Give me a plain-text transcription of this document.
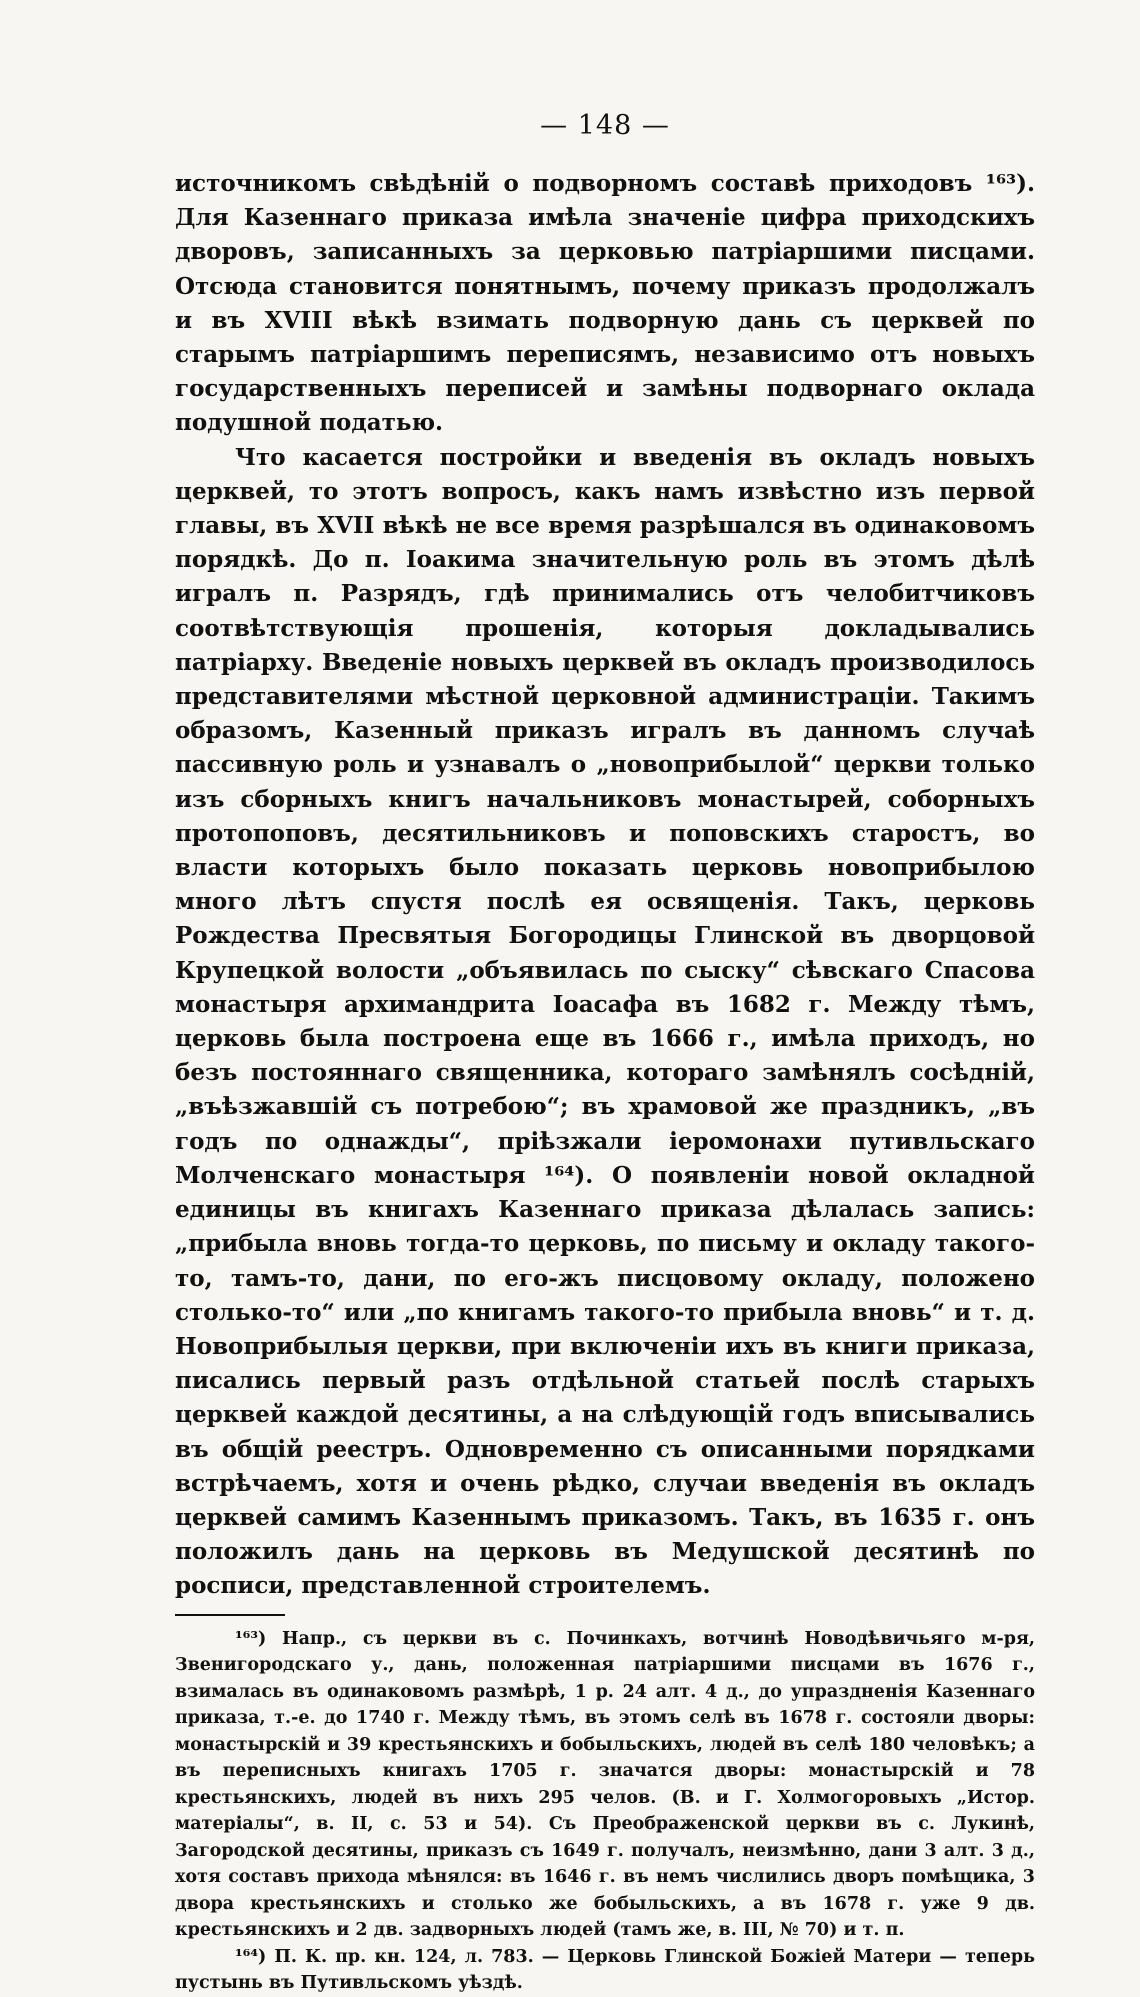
— 148 —

источникомъ свѣдѣній о подворномъ составѣ приходовъ ¹⁶³). Для Казеннаго приказа имѣла значеніе цифра приходскихъ дворовъ, записанныхъ за церковью патріаршими писцами. Отсюда становится понятнымъ, почему приказъ продолжалъ и въ XVIII вѣкѣ взимать подворную дань съ церквей по старымъ патріаршимъ переписямъ, независимо отъ новыхъ государственныхъ переписей и замѣны подворнаго оклада подушной податью.

Что касается постройки и введенія въ окладъ новыхъ церквей, то этотъ вопросъ, какъ намъ извѣстно изъ первой главы, въ XVII вѣкѣ не все время разрѣшался въ одинаковомъ порядкѣ. До п. Іоакима значительную роль въ этомъ дѣлѣ игралъ п. Разрядъ, гдѣ принимались отъ челобитчиковъ соотвѣтствующія прошенія, которыя докладывались патріарху. Введеніе новыхъ церквей въ окладъ производилось представителями мѣстной церковной администраціи. Такимъ образомъ, Казенный приказъ игралъ въ данномъ случаѣ пассивную роль и узнавалъ о „новоприбылой“ церкви только изъ сборныхъ книгъ начальниковъ монастырей, соборныхъ протопоповъ, десятильниковъ и поповскихъ старостъ, во власти которыхъ было показать церковь новоприбылою много лѣтъ спустя послѣ ея освященія. Такъ, церковь Рождества Пресвятыя Богородицы Глинской въ дворцовой Крупецкой волости „объявилась по сыску“ сѣвскаго Спасова монастыря архимандрита Іоасафа въ 1682 г. Между тѣмъ, церковь была построена еще въ 1666 г., имѣла приходъ, но безъ постояннаго священника, котораго замѣнялъ сосѣдній, „въѣзжавшій съ потребою“; въ храмовой же праздникъ, „въ годъ по однажды“, пріѣзжали іеромонахи путивльскаго Молченскаго монастыря ¹⁶⁴). О появленіи новой окладной единицы въ книгахъ Казеннаго приказа дѣлалась запись: „прибыла вновь тогда-то церковь, по письму и окладу такого-то, тамъ-то, дани, по его-жъ писцовому окладу, положено столько-то“ или „по книгамъ такого-то прибыла вновь“ и т. д. Новоприбылыя церкви, при включеніи ихъ въ книги приказа, писались первый разъ отдѣльной статьей послѣ старыхъ церквей каждой десятины, а на слѣдующій годъ вписывались въ общій реестръ. Одновременно съ описанными порядками встрѣчаемъ, хотя и очень рѣдко, случаи введенія въ окладъ церквей самимъ Казеннымъ приказомъ. Такъ, въ 1635 г. онъ положилъ дань на церковь въ Медушской десятинѣ по росписи, представленной строителемъ.

¹⁶³) Напр., съ церкви въ с. Починкахъ, вотчинѣ Новодѣвичьяго м-ря, Звенигородскаго у., дань, положенная патріаршими писцами въ 1676 г., взималась въ одинаковомъ размѣрѣ, 1 р. 24 алт. 4 д., до упраздненія Казеннаго приказа, т.-е. до 1740 г. Между тѣмъ, въ этомъ селѣ въ 1678 г. состояли дворы: монастырскій и 39 крестьянскихъ и бобыльскихъ, людей въ селѣ 180 человѣкъ; а въ переписныхъ книгахъ 1705 г. значатся дворы: монастырскій и 78 крестьянскихъ, людей въ нихъ 295 челов. (В. и Г. Холмогоровыхъ „Истор. матеріалы“, в. II, с. 53 и 54). Съ Преображенской церкви въ с. Лукинѣ, Загородской десятины, приказъ съ 1649 г. получалъ, неизмѣнно, дани 3 алт. 3 д., хотя составъ прихода мѣнялся: въ 1646 г. въ немъ числились дворъ помѣщика, 3 двора крестьянскихъ и столько же бобыльскихъ, а въ 1678 г. уже 9 дв. крестьянскихъ и 2 дв. задворныхъ людей (тамъ же, в. III, № 70) и т. п.

¹⁶⁴) П. К. пр. кн. 124, л. 783. — Церковь Глинской Божіей Матери — теперь пустынь въ Путивльскомъ уѣздѣ.
